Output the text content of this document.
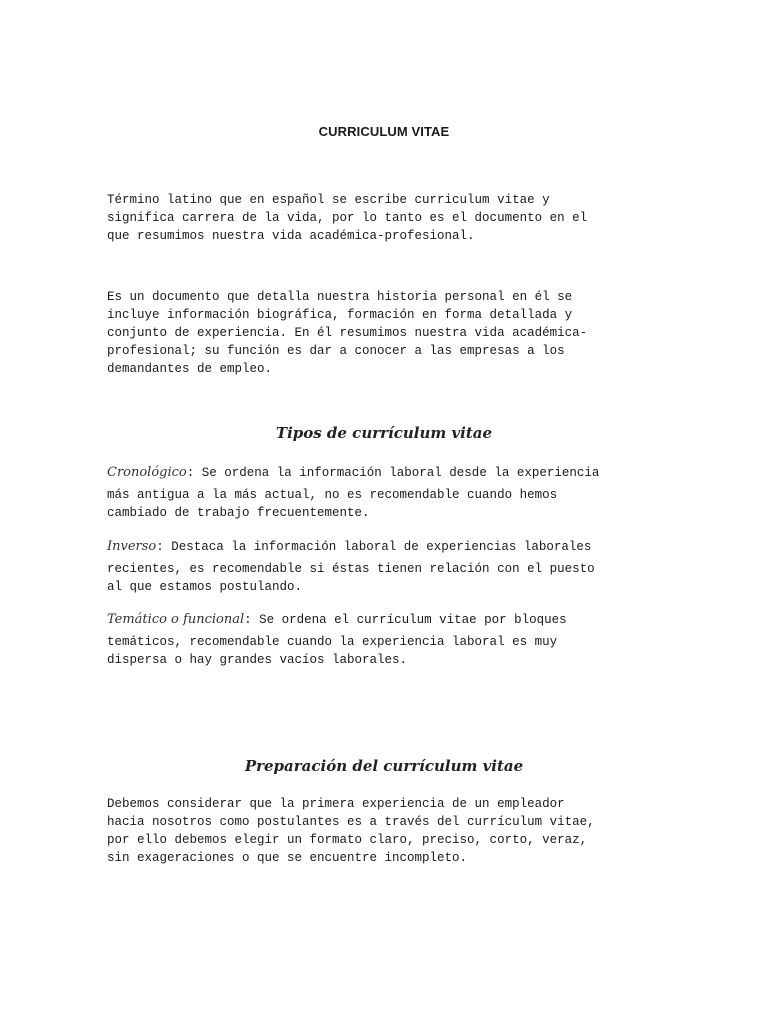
CURRICULUM VITAE

Término latino que en español se escribe curriculum vitae y
significa carrera de la vida, por lo tanto es el documento en el
que resumimos nuestra vida académica-profesional.

Es un documento que detalla nuestra historia personal en él se
incluye información biográfica, formación en forma detallada y
conjunto de experiencia. En él resumimos nuestra vida académica-
profesional; su función es dar a conocer a las empresas a los
demandantes de empleo.

Tipos de currículum vitae

Cronológico: Se ordena la información laboral desde la experiencia
más antigua a la más actual, no es recomendable cuando hemos
cambiado de trabajo frecuentemente.

Inverso: Destaca la información laboral de experiencias laborales
recientes, es recomendable si éstas tienen relación con el puesto
al que estamos postulando.

Temático o funcional: Se ordena el currículum vitae por bloques
temáticos, recomendable cuando la experiencia laboral es muy
dispersa o hay grandes vacíos laborales.

Preparación del currículum vitae

Debemos considerar que la primera experiencia de un empleador
hacia nosotros como postulantes es a través del currículum vitae,
por ello debemos elegir un formato claro, preciso, corto, veraz,
sin exageraciones o que se encuentre incompleto.
